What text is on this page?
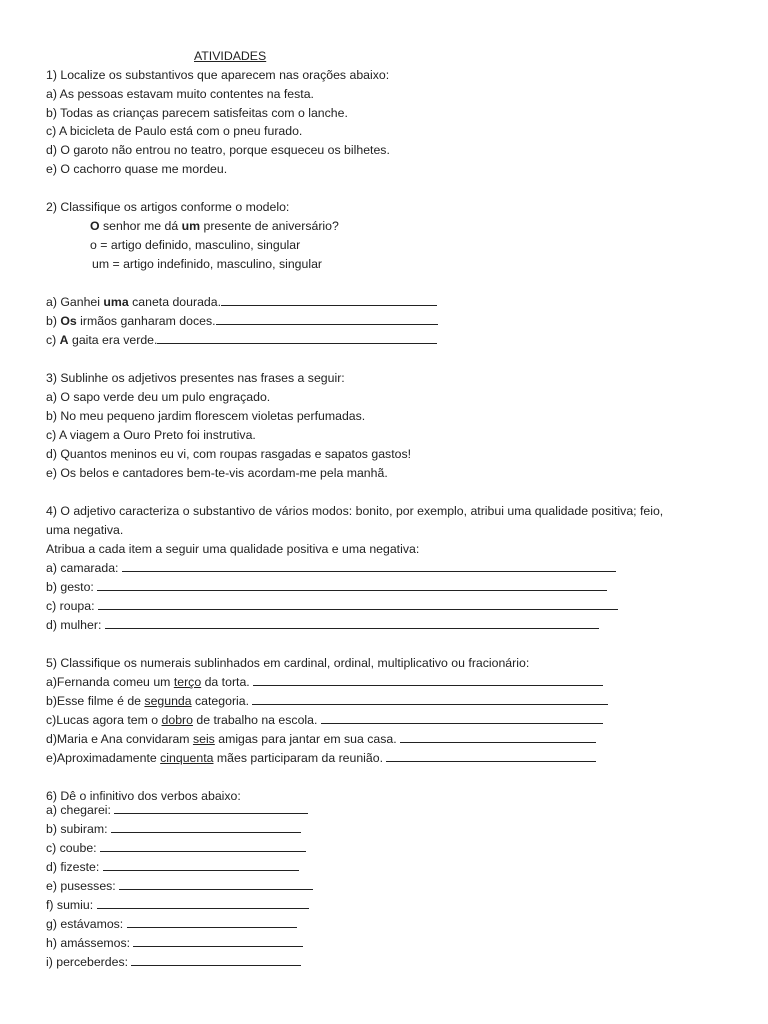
ATIVIDADES
1) Localize os substantivos que aparecem nas orações abaixo:
a) As pessoas estavam muito contentes na festa.
b) Todas as crianças parecem satisfeitas com o lanche.
c) A bicicleta de Paulo está com o pneu furado.
d) O garoto não entrou no teatro, porque esqueceu os bilhetes.
e) O cachorro quase me mordeu.
2) Classifique os artigos conforme o modelo:
O senhor me dá um presente de aniversário?
o = artigo definido, masculino, singular
um = artigo indefinido, masculino, singular
a) Ganhei uma caneta dourada.
b) Os irmãos ganharam doces.
c) A gaita era verde.
3) Sublinhe os adjetivos presentes nas frases a seguir:
a) O sapo verde deu um pulo engraçado.
b) No meu pequeno jardim florescem violetas perfumadas.
c) A viagem a Ouro Preto foi instrutiva.
d) Quantos meninos eu vi, com roupas rasgadas e sapatos gastos!
e) Os belos e cantadores bem-te-vis acordam-me pela manhã.
4) O adjetivo caracteriza o substantivo de vários modos: bonito, por exemplo, atribui uma qualidade positiva; feio,
uma negativa.
Atribua a cada item a seguir uma qualidade positiva e uma negativa:
a) camarada:
b) gesto:
c) roupa:
d) mulher:
5) Classifique os numerais sublinhados em cardinal, ordinal, multiplicativo ou fracionário:
a)Fernanda comeu um terço da torta.
b)Esse filme é de segunda categoria.
c)Lucas agora tem o dobro de trabalho na escola.
d)Maria e Ana convidaram seis amigas para jantar em sua casa.
e)Aproximadamente cinquenta mães participaram da reunião.
6) Dê o infinitivo dos verbos abaixo:
a) chegarei:
b) subiram:
c) coube:
d) fizeste:
e) pusesses:
f) sumiu:
g) estávamos:
h) amássemos:
i) perceberdes:
